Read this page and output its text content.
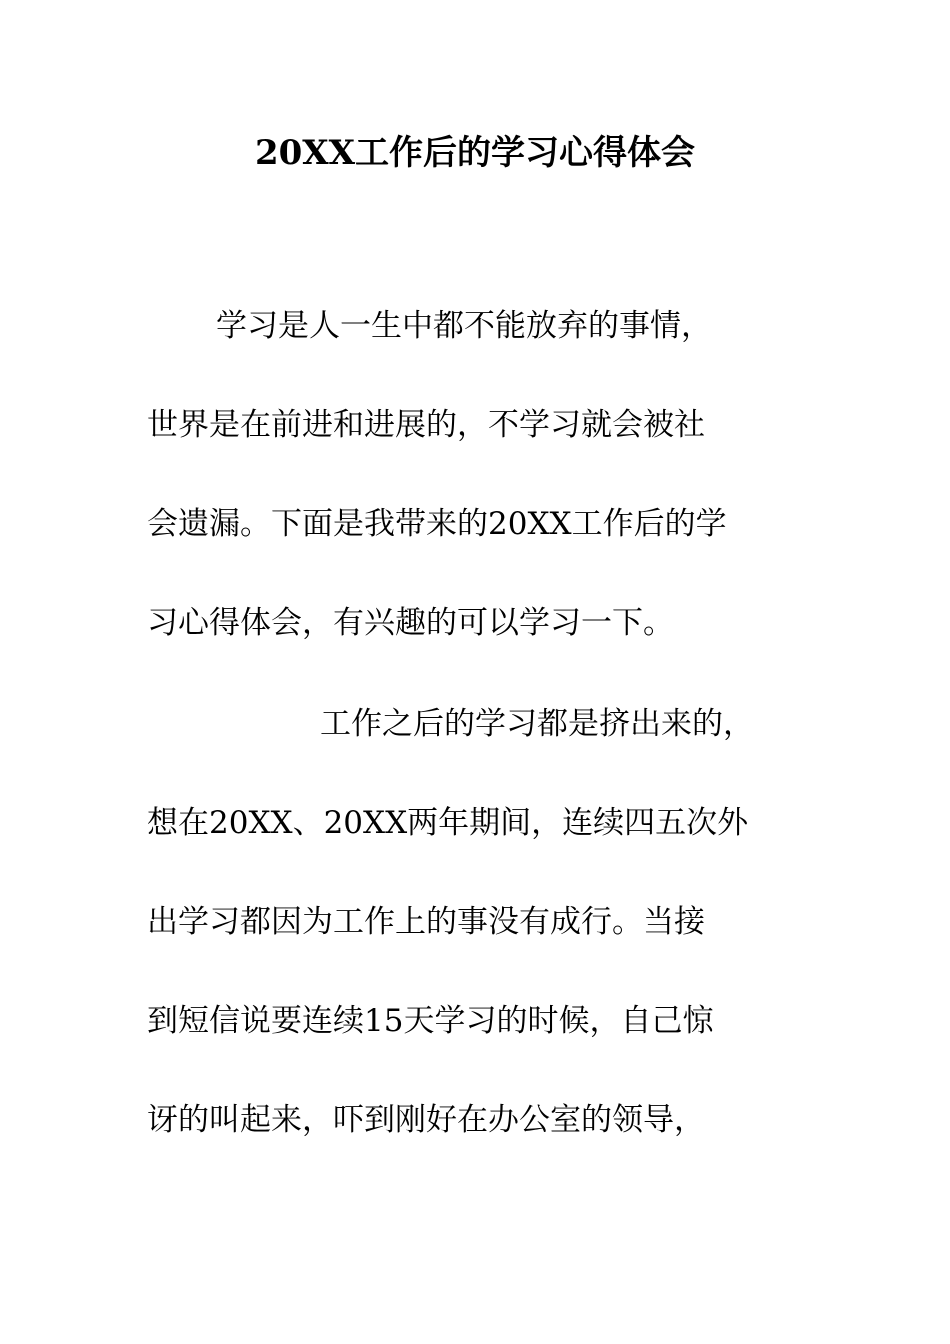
20XX工作后的学习心得体会

学习是人一生中都不能放弃的事情，

世界是在前进和进展的，不学习就会被社

会遗漏。下面是我带来的20XX工作后的学

习心得体会，有兴趣的可以学习一下。

工作之后的学习都是挤出来的，

想在20XX、20XX两年期间，连续四五次外

出学习都因为工作上的事没有成行。当接

到短信说要连续15天学习的时候，自己惊

讶的叫起来，吓到刚好在办公室的领导，
